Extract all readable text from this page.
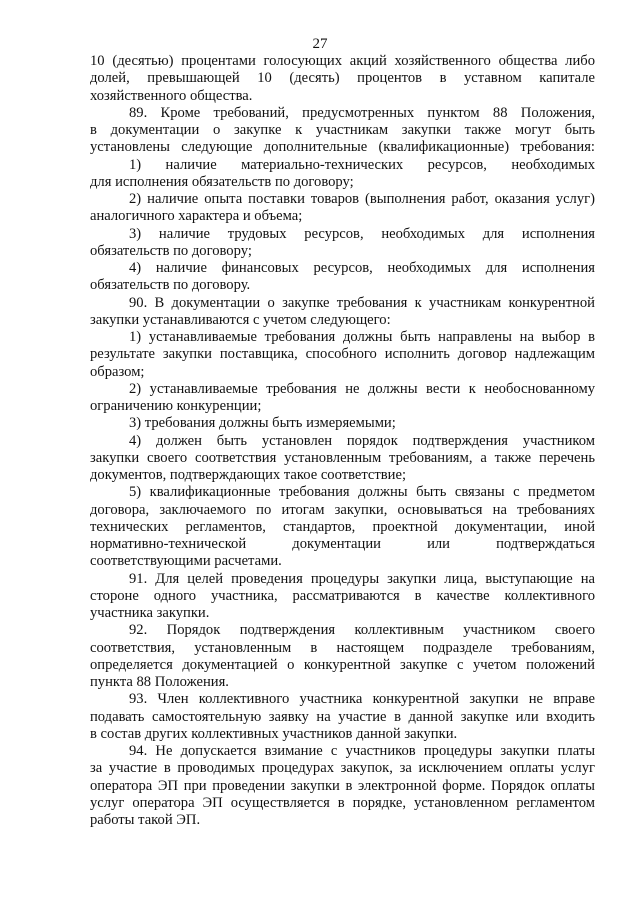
27
10 (десятью) процентами голосующих акций хозяйственного общества либо
долей, превышающей 10 (десять) процентов в уставном капитале
хозяйственного общества.
89. Кроме требований, предусмотренных пунктом 88 Положения,
в документации о закупке к участникам закупки также могут быть
установлены следующие дополнительные (квалификационные) требования:
1) наличие материально-технических ресурсов, необходимых
для исполнения обязательств по договору;
2) наличие опыта поставки товаров (выполнения работ, оказания услуг)
аналогичного характера и объема;
3) наличие трудовых ресурсов, необходимых для исполнения
обязательств по договору;
4) наличие финансовых ресурсов, необходимых для исполнения
обязательств по договору.
90. В документации о закупке требования к участникам конкурентной
закупки устанавливаются с учетом следующего:
1) устанавливаемые требования должны быть направлены на выбор в
результате закупки поставщика, способного исполнить договор надлежащим
образом;
2) устанавливаемые требования не должны вести к необоснованному
ограничению конкуренции;
3) требования должны быть измеряемыми;
4) должен быть установлен порядок подтверждения участником
закупки своего соответствия установленным требованиям, а также перечень
документов, подтверждающих такое соответствие;
5) квалификационные требования должны быть связаны с предметом
договора, заключаемого по итогам закупки, основываться на требованиях
технических регламентов, стандартов, проектной документации, иной
нормативно-технической документации или подтверждаться
соответствующими расчетами.
91. Для целей проведения процедуры закупки лица, выступающие на
стороне одного участника, рассматриваются в качестве коллективного
участника закупки.
92. Порядок подтверждения коллективным участником своего
соответствия, установленным в настоящем подразделе требованиям,
определяется документацией о конкурентной закупке с учетом положений
пункта 88 Положения.
93. Член коллективного участника конкурентной закупки не вправе
подавать самостоятельную заявку на участие в данной закупке или входить
в состав других коллективных участников данной закупки.
94. Не допускается взимание с участников процедуры закупки платы
за участие в проводимых процедурах закупок, за исключением оплаты услуг
оператора ЭП при проведении закупки в электронной форме. Порядок оплаты
услуг оператора ЭП осуществляется в порядке, установленном регламентом
работы такой ЭП.
